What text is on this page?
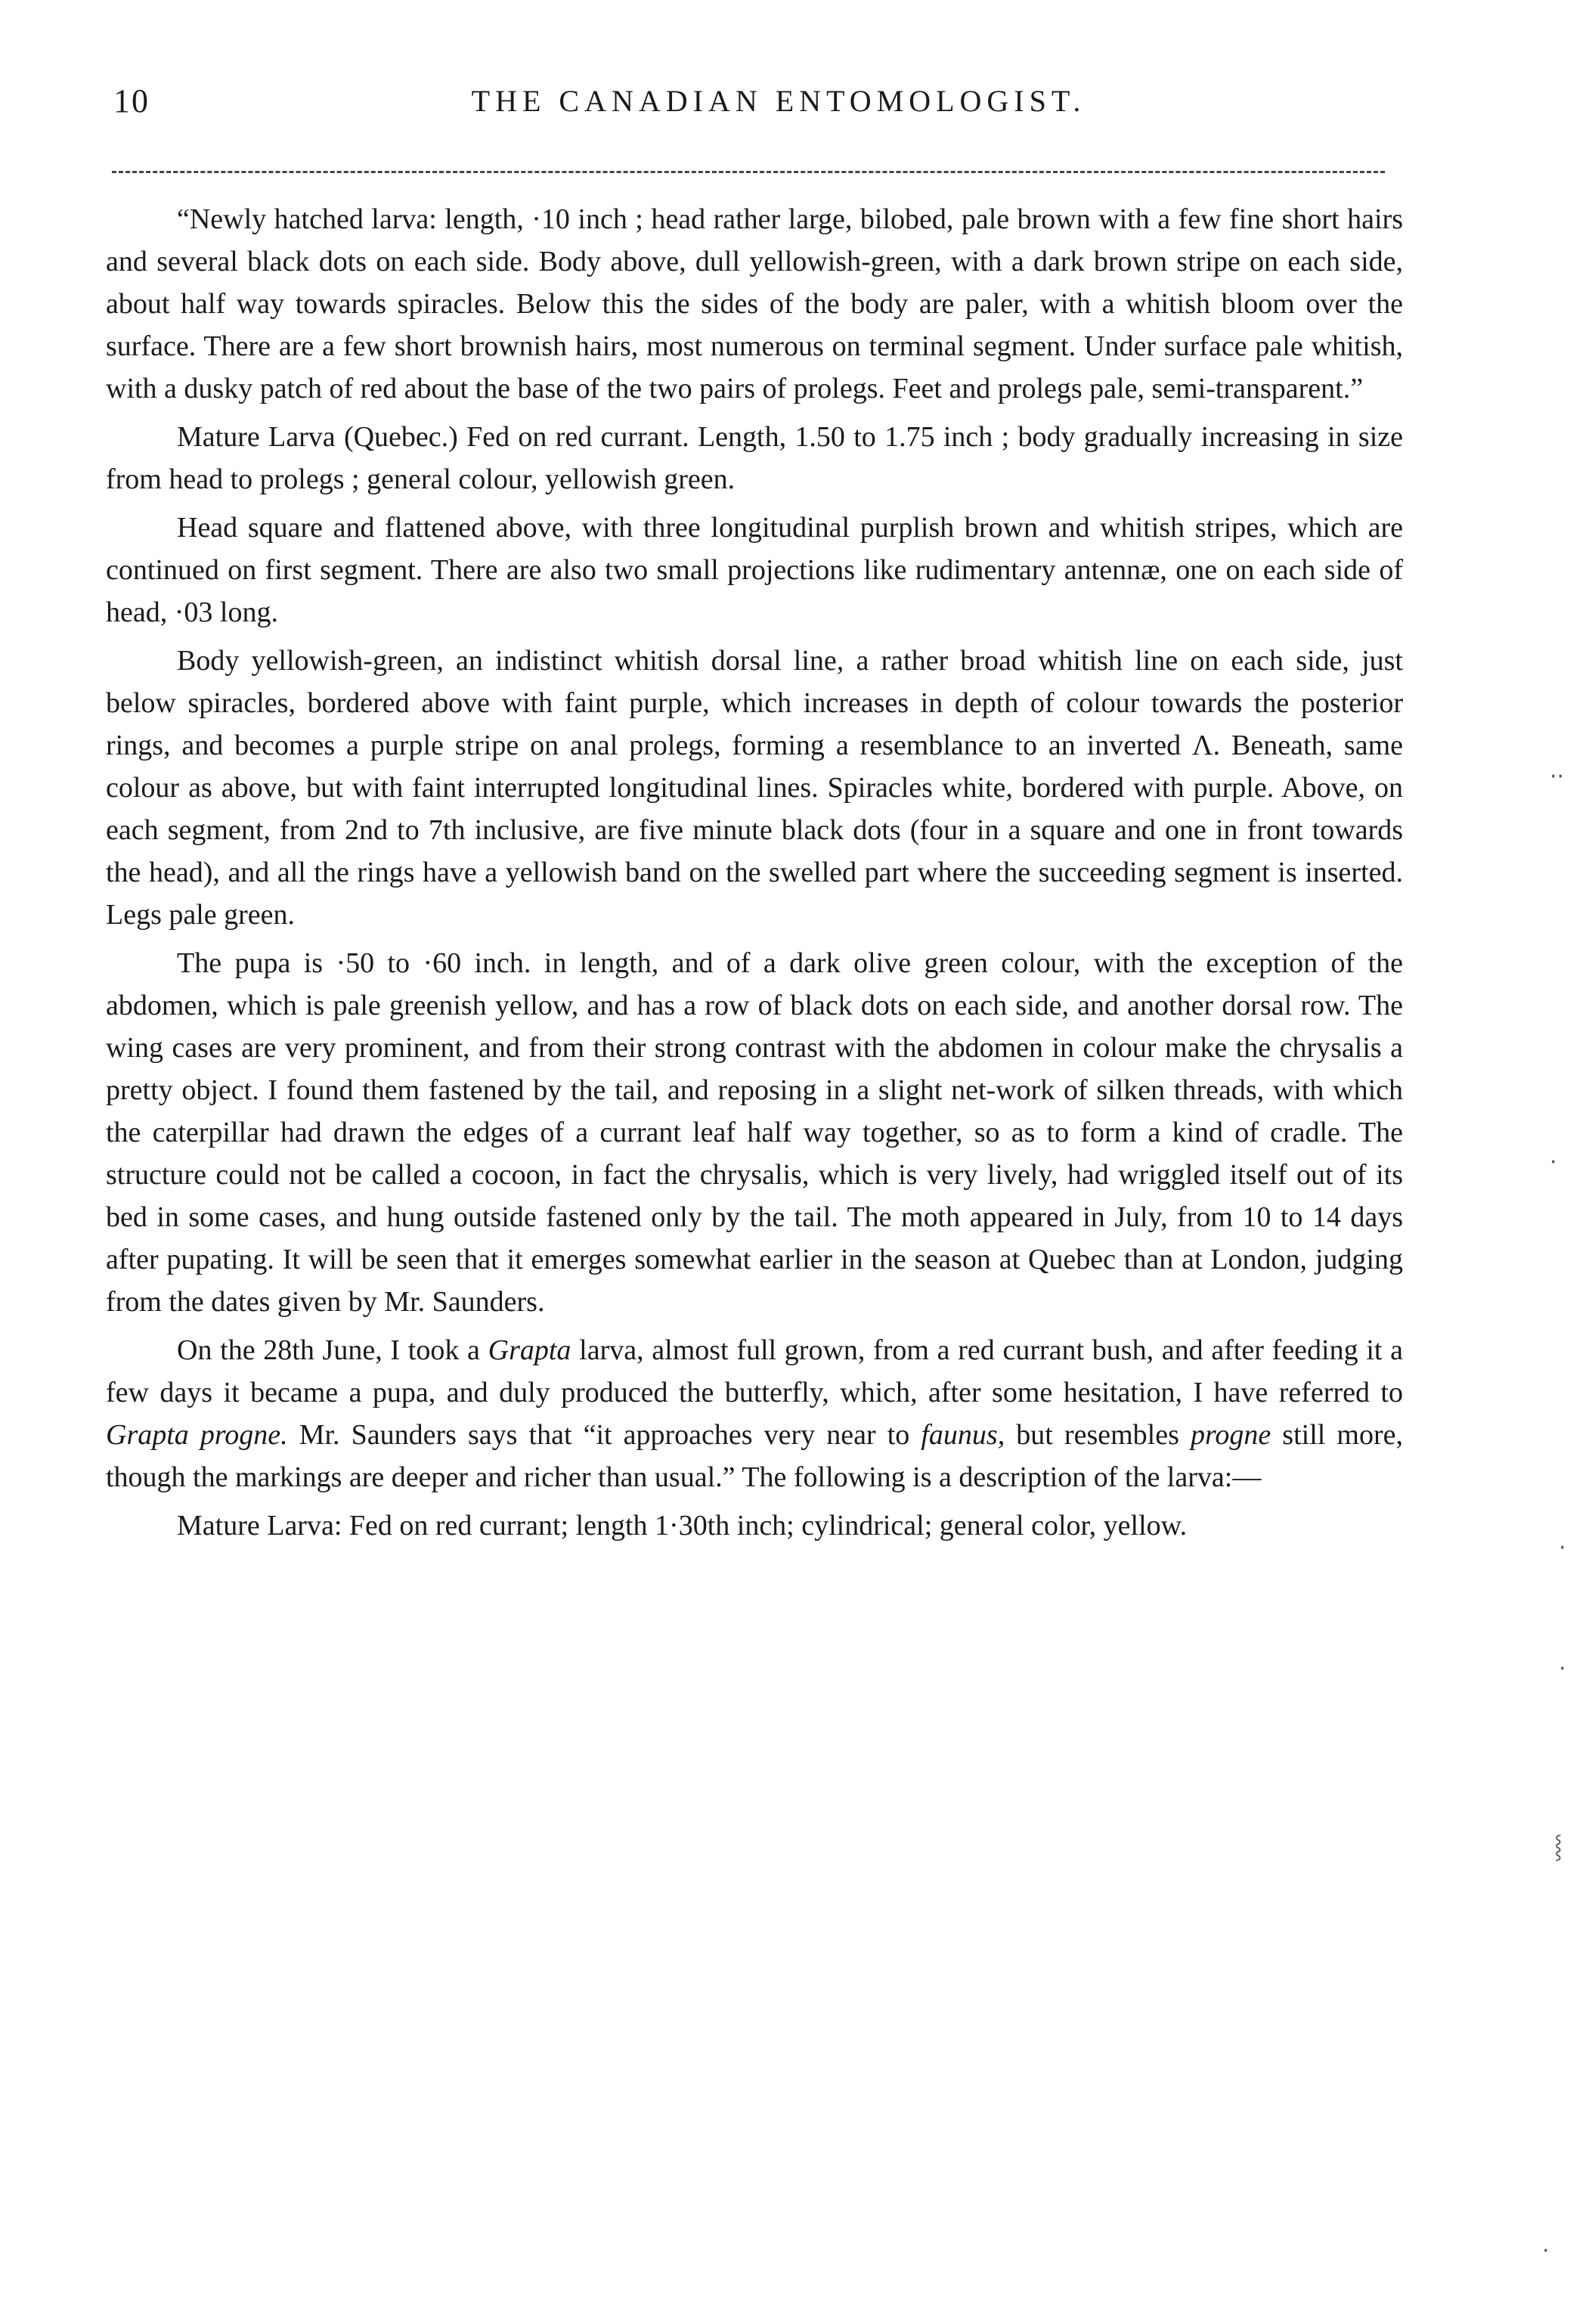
10	THE CANADIAN ENTOMOLOGIST.

“Newly hatched larva: length, ·10 inch ; head rather large, bilobed, pale brown with a few fine short hairs and several black dots on each side. Body above, dull yellowish-green, with a dark brown stripe on each side, about half way towards spiracles. Below this the sides of the body are paler, with a whitish bloom over the surface. There are a few short brownish hairs, most numerous on terminal segment. Under surface pale whitish, with a dusky patch of red about the base of the two pairs of prolegs. Feet and prolegs pale, semi-transparent.”

Mature Larva (Quebec.) Fed on red currant. Length, 1.50 to 1.75 inch ; body gradually increasing in size from head to prolegs ; general colour, yellowish green.

Head square and flattened above, with three longitudinal purplish brown and whitish stripes, which are continued on first segment. There are also two small projections like rudimentary antennæ, one on each side of head, ·03 long.

Body yellowish-green, an indistinct whitish dorsal line, a rather broad whitish line on each side, just below spiracles, bordered above with faint purple, which increases in depth of colour towards the posterior rings, and becomes a purple stripe on anal prolegs, forming a resemblance to an inverted Λ. Beneath, same colour as above, but with faint interrupted longitudinal lines. Spiracles white, bordered with purple. Above, on each segment, from 2nd to 7th inclusive, are five minute black dots (four in a square and one in front towards the head), and all the rings have a yellowish band on the swelled part where the succeeding segment is inserted. Legs pale green.

The pupa is ·50 to ·60 inch. in length, and of a dark olive green colour, with the exception of the abdomen, which is pale greenish yellow, and has a row of black dots on each side, and another dorsal row. The wing cases are very prominent, and from their strong contrast with the abdomen in colour make the chrysalis a pretty object. I found them fastened by the tail, and reposing in a slight net-work of silken threads, with which the caterpillar had drawn the edges of a currant leaf half way together, so as to form a kind of cradle. The structure could not be called a cocoon, in fact the chrysalis, which is very lively, had wriggled itself out of its bed in some cases, and hung outside fastened only by the tail. The moth appeared in July, from 10 to 14 days after pupating. It will be seen that it emerges somewhat earlier in the season at Quebec than at London, judging from the dates given by Mr. Saunders.

On the 28th June, I took a Grapta larva, almost full grown, from a red currant bush, and after feeding it a few days it became a pupa, and duly produced the butterfly, which, after some hesitation, I have referred to Grapta progne. Mr. Saunders says that “it approaches very near to faunus, but resembles progne still more, though the markings are deeper and richer than usual.” The following is a description of the larva:—

Mature Larva: Fed on red currant; length 1·30th inch; cylindrical; general color, yellow.

··
·
·
·
⸾
·
